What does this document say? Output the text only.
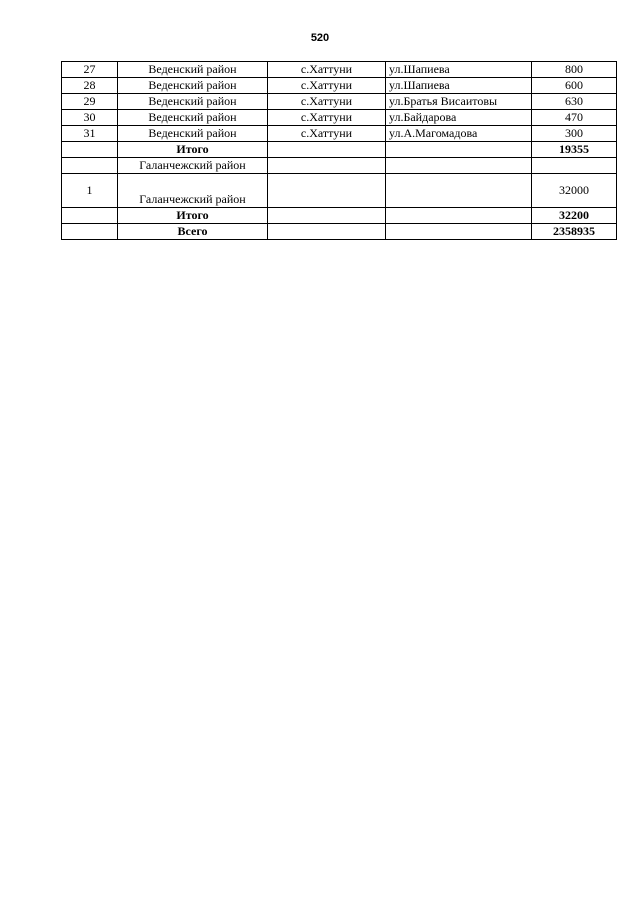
520
27	Веденский район	с.Хаттуни	ул.Шапиева	800
28	Веденский район	с.Хаттуни	ул.Шапиева	600
29	Веденский район	с.Хаттуни	ул.Братья Висаитовы	630
30	Веденский район	с.Хаттуни	ул.Байдарова	470
31	Веденский район	с.Хаттуни	ул.А.Магомадова	300
	Итого			19355
	Галанчежский район			
1	Галанчежский район			32000
	Итого			32200
	Всего			2358935
